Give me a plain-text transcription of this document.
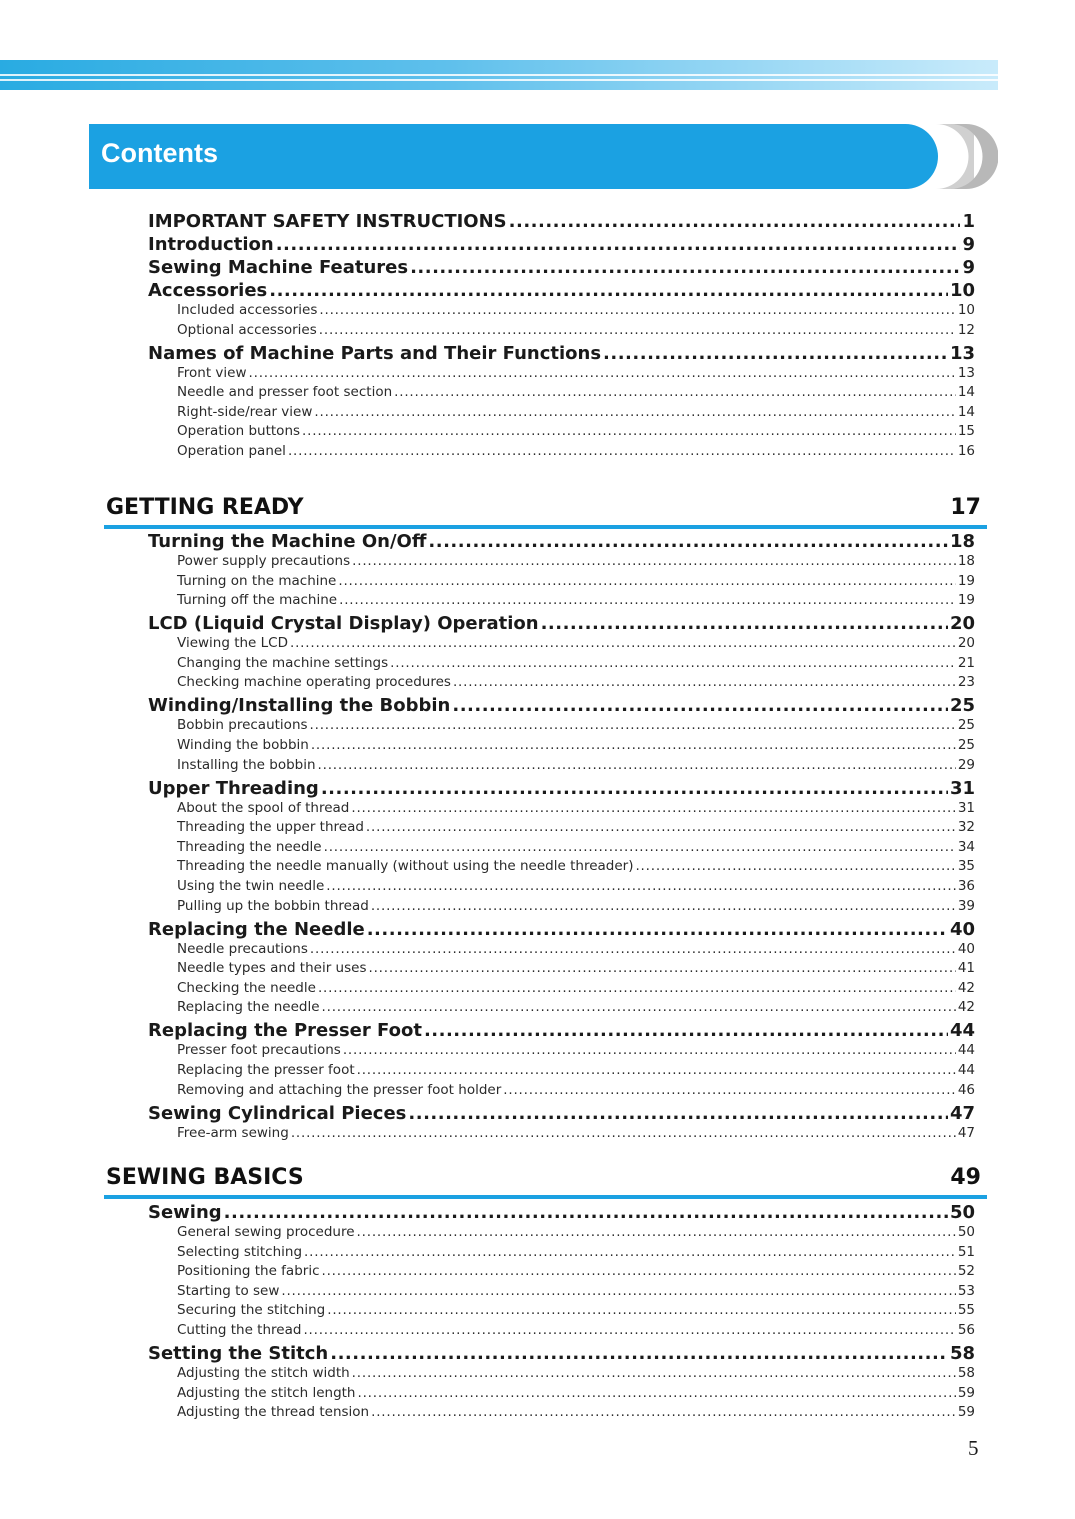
Contents
IMPORTANT SAFETY INSTRUCTIONS .....	1
Introduction .....	9
Sewing Machine Features .....	9
Accessories .....	10
Included accessories .....	10
Optional accessories .....	12
Names of Machine Parts and Their Functions .....	13
Front view .....	13
Needle and presser foot section .....	14
Right-side/rear view .....	14
Operation buttons .....	15
Operation panel .....	16
GETTING READY	17
Turning the Machine On/Off .....	18
Power supply precautions .....	18
Turning on the machine .....	19
Turning off the machine .....	19
LCD (Liquid Crystal Display) Operation .....	20
Viewing the LCD .....	20
Changing the machine settings .....	21
Checking machine operating procedures .....	23
Winding/Installing the Bobbin .....	25
Bobbin precautions .....	25
Winding the bobbin .....	25
Installing the bobbin .....	29
Upper Threading .....	31
About the spool of thread .....	31
Threading the upper thread .....	32
Threading the needle .....	34
Threading the needle manually (without using the needle threader) .....	35
Using the twin needle .....	36
Pulling up the bobbin thread .....	39
Replacing the Needle .....	40
Needle precautions .....	40
Needle types and their uses .....	41
Checking the needle .....	42
Replacing the needle .....	42
Replacing the Presser Foot .....	44
Presser foot precautions .....	44
Replacing the presser foot .....	44
Removing and attaching the presser foot holder .....	46
Sewing Cylindrical Pieces .....	47
Free-arm sewing .....	47
SEWING BASICS	49
Sewing .....	50
General sewing procedure .....	50
Selecting stitching .....	51
Positioning the fabric .....	52
Starting to sew .....	53
Securing the stitching .....	55
Cutting the thread .....	56
Setting the Stitch .....	58
Adjusting the stitch width .....	58
Adjusting the stitch length .....	59
Adjusting the thread tension .....	59
5
